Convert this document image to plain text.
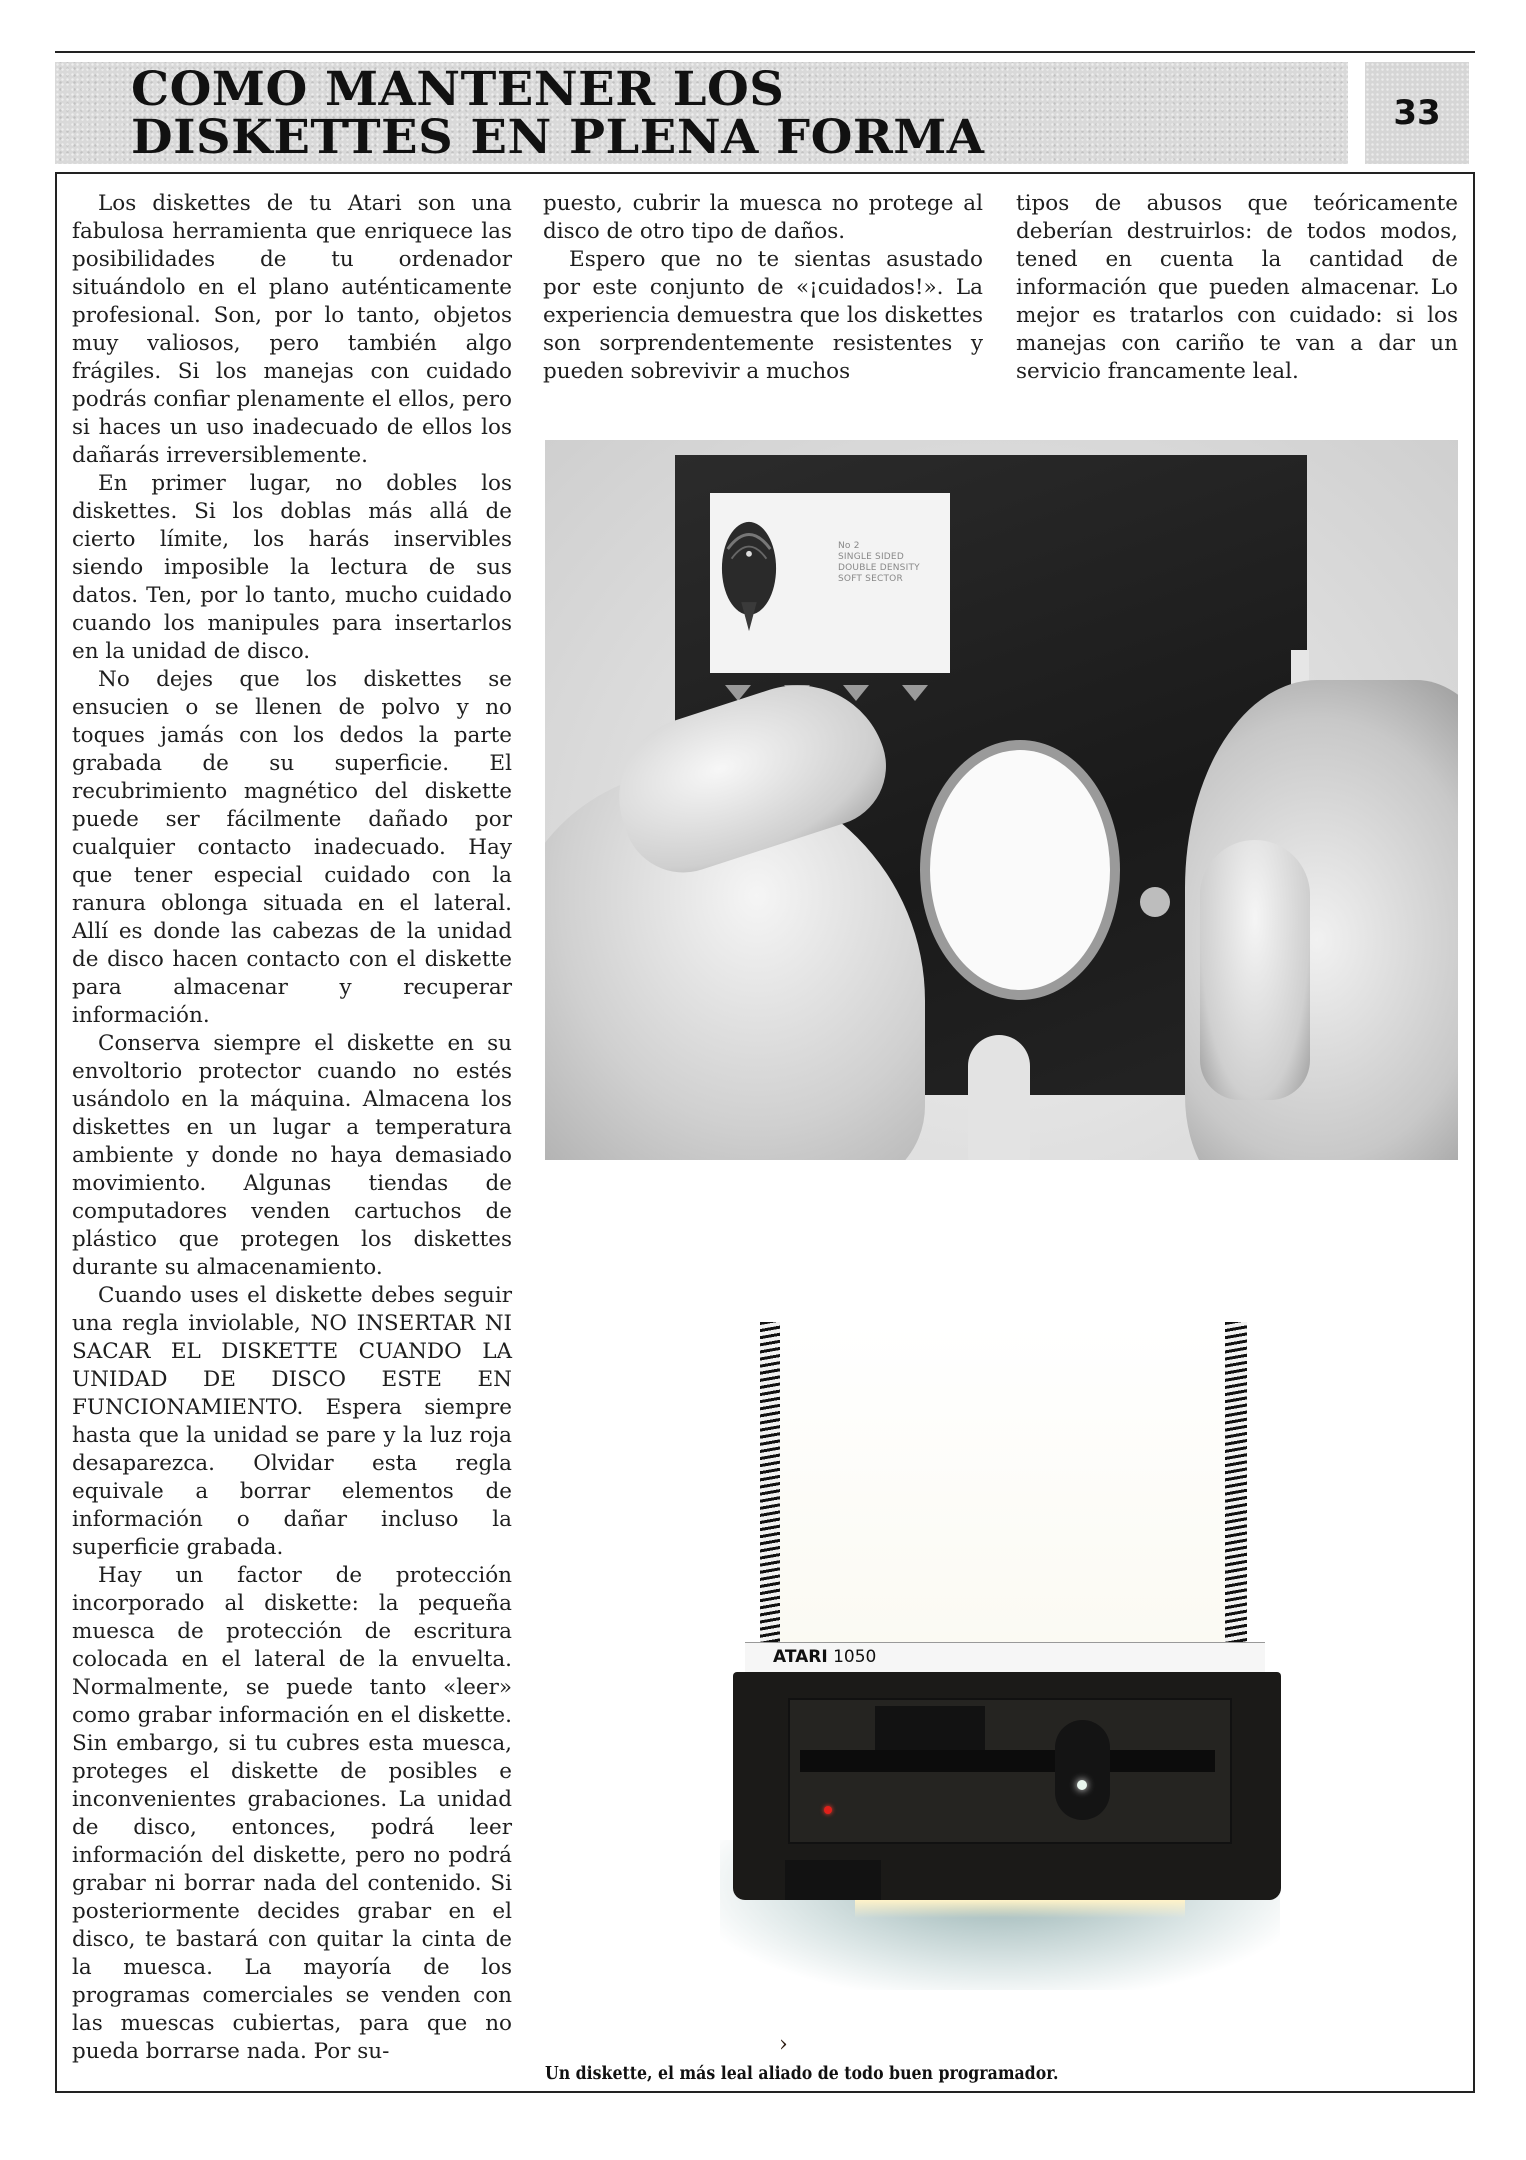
COMO MANTENER LOS
DISKETTES EN PLENA FORMA	33

Los diskettes de tu Atari son una fabulosa herramienta que enriquece las posibilidades de tu ordenador situándolo en el plano auténticamente profesional. Son, por lo tanto, objetos muy valiosos, pero también algo frágiles. Si los manejas con cuidado podrás confiar plenamente el ellos, pero si haces un uso inadecuado de ellos los dañarás irreversiblemente.

En primer lugar, no dobles los diskettes. Si los doblas más allá de cierto límite, los harás inservibles siendo imposible la lectura de sus datos. Ten, por lo tanto, mucho cuidado cuando los manipules para insertarlos en la unidad de disco.

No dejes que los diskettes se ensucien o se llenen de polvo y no toques jamás con los dedos la parte grabada de su superficie. El recubrimiento magnético del diskette puede ser fácilmente dañado por cualquier contacto inadecuado. Hay que tener especial cuidado con la ranura oblonga situada en el lateral. Allí es donde las cabezas de la unidad de disco hacen contacto con el diskette para almacenar y recuperar información.

Conserva siempre el diskette en su envoltorio protector cuando no estés usándolo en la máquina. Almacena los diskettes en un lugar a temperatura ambiente y donde no haya demasiado movimiento. Algunas tiendas de computadores venden cartuchos de plástico que protegen los diskettes durante su almacenamiento.

Cuando uses el diskette debes seguir una regla inviolable, NO INSERTAR NI SACAR EL DISKETTE CUANDO LA UNIDAD DE DISCO ESTE EN FUNCIONAMIENTO. Espera siempre hasta que la unidad se pare y la luz roja desaparezca. Olvidar esta regla equivale a borrar elementos de información o dañar incluso la superficie grabada.

Hay un factor de protección incorporado al diskette: la pequeña muesca de protección de escritura colocada en el lateral de la envuelta. Normalmente, se puede tanto «leer» como grabar información en el diskette. Sin embargo, si tu cubres esta muesca, proteges el diskette de posibles e inconvenientes grabaciones. La unidad de disco, entonces, podrá leer información del diskette, pero no podrá grabar ni borrar nada del contenido. Si posteriormente decides grabar en el disco, te bastará con quitar la cinta de la muesca. La mayoría de los programas comerciales se venden con las muescas cubiertas, para que no pueda borrarse nada. Por su-

puesto, cubrir la muesca no protege al disco de otro tipo de daños.

Espero que no te sientas asustado por este conjunto de «¡cuidados!». La experiencia demuestra que los diskettes son sorprendentemente resistentes y pueden sobrevivir a muchos

tipos de abusos que teóricamente deberían destruirlos: de todos modos, tened en cuenta la cantidad de información que pueden almacenar. Lo mejor es tratarlos con cuidado: si los manejas con cariño te van a dar un servicio francamente leal.

No 2
SINGLE SIDED
DOUBLE DENSITY
SOFT SECTOR
ATARI 1050
›
Un diskette, el más leal aliado de todo buen programador.
